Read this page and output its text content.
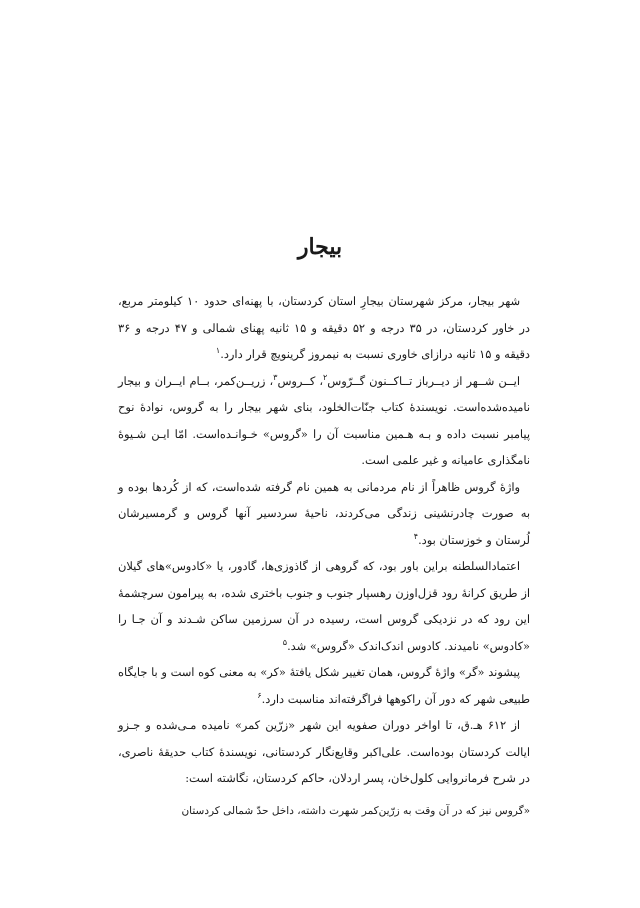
بیجار

شهر بیجار، مرکز شهرستان بیجارِ استان کردستان، با پهنه‌ای حدود ۱۰ کیلومتر مربع، در خاور کردستان، در ۳۵ درجه و ۵۲ دقیقه و ۱۵ ثانیه پهنای شمالی و ۴۷ درجه و ۳۶ دقیقه و ۱۵ ثانیه درازای خاوری نسبت به نیمروز گرینویچ قرار دارد.$^۱$

ایــن شــهر از دیــرباز تــاکــنون گــرّوس$^۲$، کــروس$^۳$، زریــن‌کمر، بــام ایــران و بیجار نامیده‌شده‌است. نویسندهٔ کتاب جنّات‌الخلود، بنای شهر بیجار را به گروس، نوادهٔ نوح پیامبر نسبت داده و بـه هـمین مناسبت آن را «گروس» خـوانـده‌است. امّا ایـن شـیوهٔ نامگذاری عامیانه و غیر علمی است.

واژهٔ گروس ظاهراً از نام مردمانی به همین نام گرفته شده‌است، که از کُردها بوده و به صورت چادرنشینی زندگی می‌کردند، ناحیهٔ سردسیر آنها گروس و گرمسیرشان لُرستان و خوزستان بود.$^۴$

اعتمادالسلطنه براین باور بود، که گروهی از گاذوزی‌ها، گادور، یا «کادوس»های گیلان از طریق کرانهٔ رود قزل‌اوزن رهسپار جنوب و جنوب باختری شده، به پیرامون سرچشمهٔ این رود که در نزدیکی گروس است، رسیده در آن سرزمین ساکن شـدند و آن جـا را «کادوس» نامیدند. کادوس اندک‌اندک «گروس» شد.$^۵$

پیشوند «گر» واژهٔ گروس، همان تغییر شکل یافتهٔ «کر» به معنی کوه است و با جایگاه طبیعی شهر که دور آن راکوهها فراگرفته‌اند مناسبت دارد.$^۶$

از ۶۱۲ هـ.ق، تا اواخر دوران صفویه این شهر «زرّین کمر» نامیده مـی‌شده و جـزو ایالت کردستان بوده‌است. علی‌اکبر وقایع‌نگار کردستانی، نویسندهٔ کتاب حدیقهٔ ناصری، در شرح فرمانروایی کلول‌خان، پسر اردلان، حاکم کردستان، نگاشته است:

«گروس نیز که در آن وقت به زرّین‌کمر شهرت داشته، داخل حدّ شمالی کردستان
